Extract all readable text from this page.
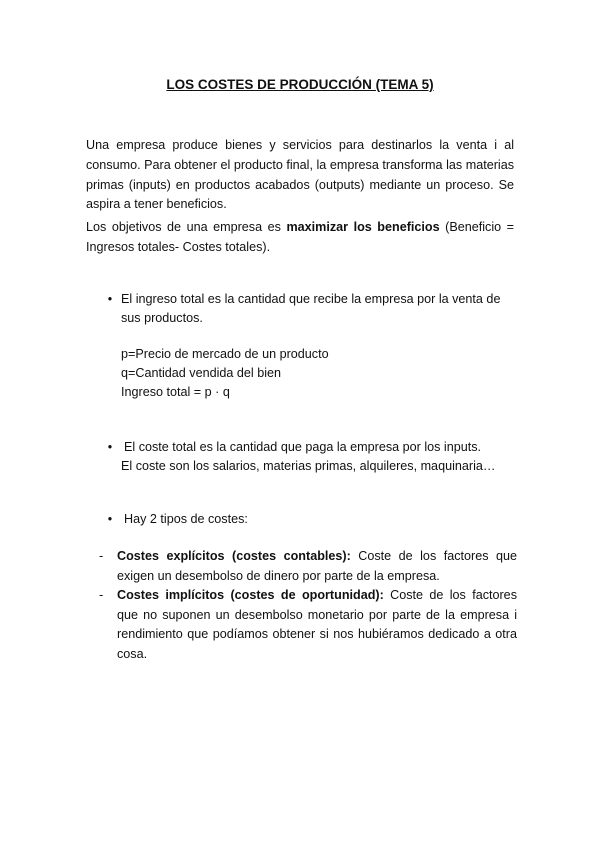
LOS COSTES DE PRODUCCIÓN (TEMA 5)

Una empresa produce bienes y servicios para destinarlos la venta i al consumo. Para obtener el producto final, la empresa transforma las materias primas (inputs) en productos acabados (outputs) mediante un proceso. Se aspira a tener beneficios.

Los objetivos de una empresa es maximizar los beneficios (Beneficio = Ingresos totales- Costes totales).

• El ingreso total es la cantidad que recibe la empresa por la venta de sus productos.
p=Precio de mercado de un producto
q=Cantidad vendida del bien
Ingreso total = p · q
• El coste total es la cantidad que paga la empresa por los inputs.
El coste son los salarios, materias primas, alquileres, maquinaria…
• Hay 2 tipos de costes:
- Costes explícitos (costes contables): Coste de los factores que exigen un desembolso de dinero por parte de la empresa.
- Costes implícitos (costes de oportunidad): Coste de los factores que no suponen un desembolso monetario por parte de la empresa i rendimiento que podíamos obtener si nos hubiéramos dedicado a otra cosa.
